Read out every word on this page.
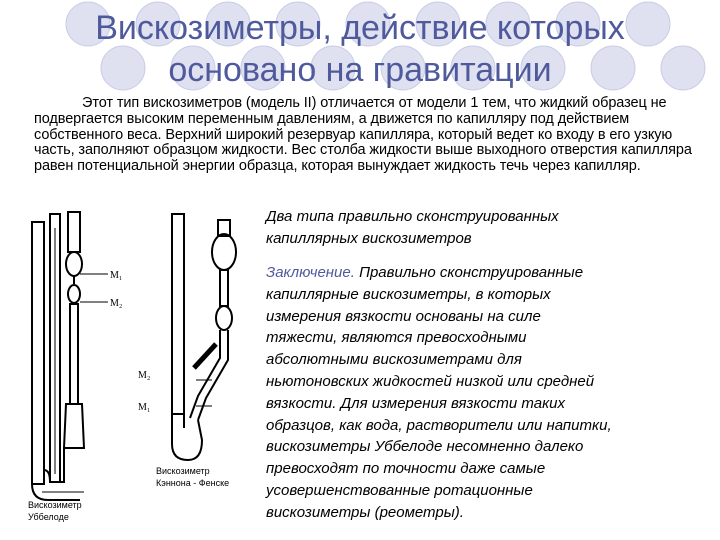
Вискозиметры, действие которых
основано на гравитации
Этот тип вискозиметров (модель II) отличается от модели 1 тем, что жидкий образец не подвергается высоким переменным давлениям, а движется по капилляру под действием собственного веса. Верхний широкий резервуар капилляра, который ведет ко входу в его узкую часть, заполняют образцом жидкости. Вес столба жидкости выше выходного отверстия капилляра равен потенциальной энергии образца, которая вынуждает жидкость течь через капилляр.
M₁
M₂
M₂
M₁
Вискозиметр
Кэннона - Фенске
Вискозиметр
Уббелоде
Два типа правильно сконструированных
капиллярных вискозиметров
Заключение. Правильно сконструированные
капиллярные вискозиметры, в которых
измерения вязкости основаны на силе
тяжести, являются превосходными
абсолютными вискозиметрами для
ньютоновских жидкостей низкой или средней
вязкости. Для измерения вязкости таких
образцов, как вода, растворители или напитки,
вискозиметры Уббелоде несомненно далеко
превосходят по точности даже самые
усовершенствованные ротационные
вискозиметры (реометры).
